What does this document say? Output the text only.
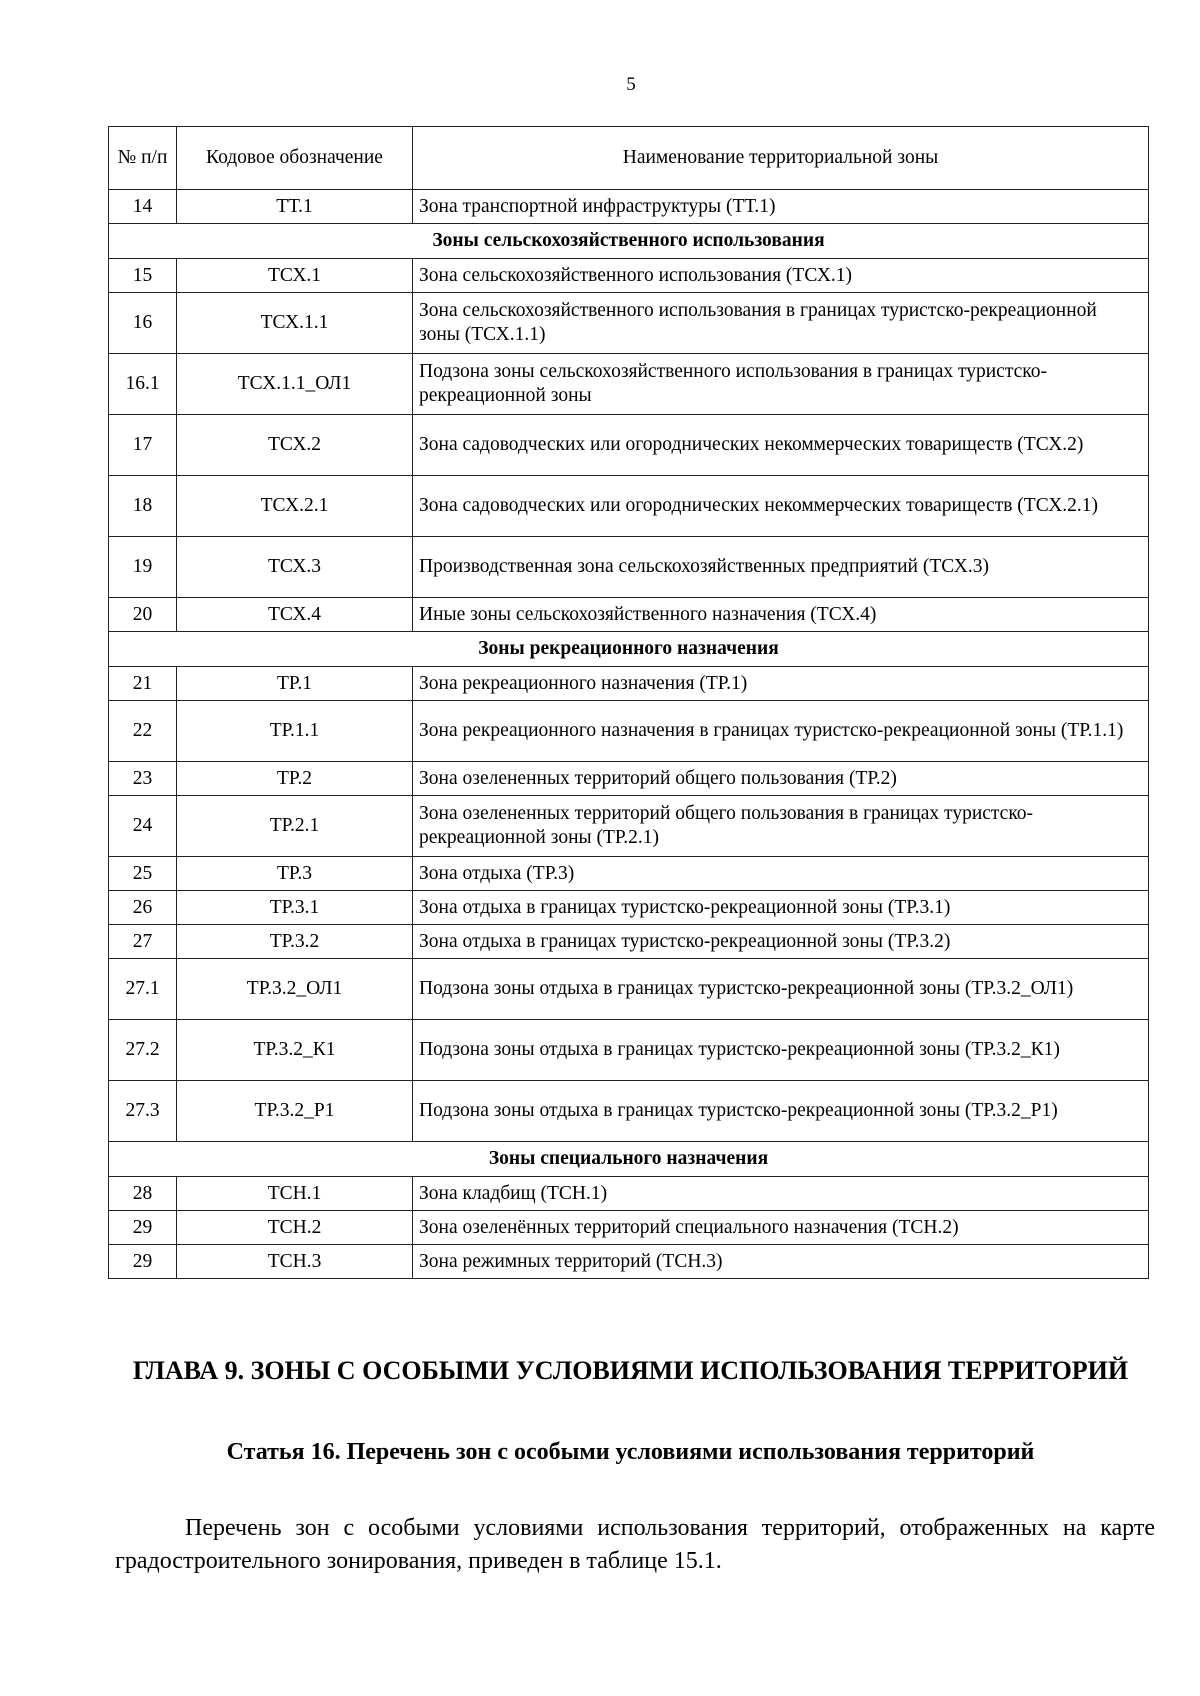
5
№ п/п	Кодовое обозначение	Наименование территориальной зоны
14	ТТ.1	Зона транспортной инфраструктуры (ТТ.1)
Зоны сельскохозяйственного использования		
15	ТСХ.1	Зона сельскохозяйственного использования (ТСХ.1)
16	ТСХ.1.1	Зона сельскохозяйственного использования в границах туристско-рекреационной зоны (ТСХ.1.1)
16.1	ТСХ.1.1_ОЛ1	Подзона зоны сельскохозяйственного использования в границах туристско-рекреационной зоны
17	ТСХ.2	Зона садоводческих или огороднических некоммерческих товариществ (ТСХ.2)
18	ТСХ.2.1	Зона садоводческих или огороднических некоммерческих товариществ (ТСХ.2.1)
19	ТСХ.3	Производственная зона сельскохозяйственных предприятий (ТСХ.3)
20	ТСХ.4	Иные зоны сельскохозяйственного назначения (ТСХ.4)
Зоны рекреационного назначения		
21	ТР.1	Зона рекреационного назначения (ТР.1)
22	ТР.1.1	Зона рекреационного назначения в границах туристско-рекреационной зоны (ТР.1.1)
23	ТР.2	Зона озелененных территорий общего пользования (ТР.2)
24	ТР.2.1	Зона озелененных территорий общего пользования в границах туристско-рекреационной зоны (ТР.2.1)
25	ТР.3	Зона отдыха (ТР.3)
26	ТР.3.1	Зона отдыха в границах туристско-рекреационной зоны (ТР.3.1)
27	ТР.3.2	Зона отдыха в границах туристско-рекреационной зоны (ТР.3.2)
27.1	ТР.3.2_ОЛ1	Подзона зоны отдыха в границах туристско-рекреационной зоны (ТР.3.2_ОЛ1)
27.2	ТР.3.2_К1	Подзона зоны отдыха в границах туристско-рекреационной зоны (ТР.3.2_К1)
27.3	ТР.3.2_Р1	Подзона зоны отдыха в границах туристско-рекреационной зоны (ТР.3.2_Р1)
Зоны специального назначения		
28	ТСН.1	Зона кладбищ (ТСН.1)
29	ТСН.2	Зона озеленённых территорий специального назначения (ТСН.2)
29	ТСН.3	Зона режимных территорий (ТСН.3)
ГЛАВА 9. ЗОНЫ С ОСОБЫМИ УСЛОВИЯМИ ИСПОЛЬЗОВАНИЯ ТЕРРИТОРИЙ
Статья 16. Перечень зон с особыми условиями использования территорий
Перечень зон с особыми условиями использования территорий, отображенных на карте градостроительного зонирования, приведен в таблице 15.1.
